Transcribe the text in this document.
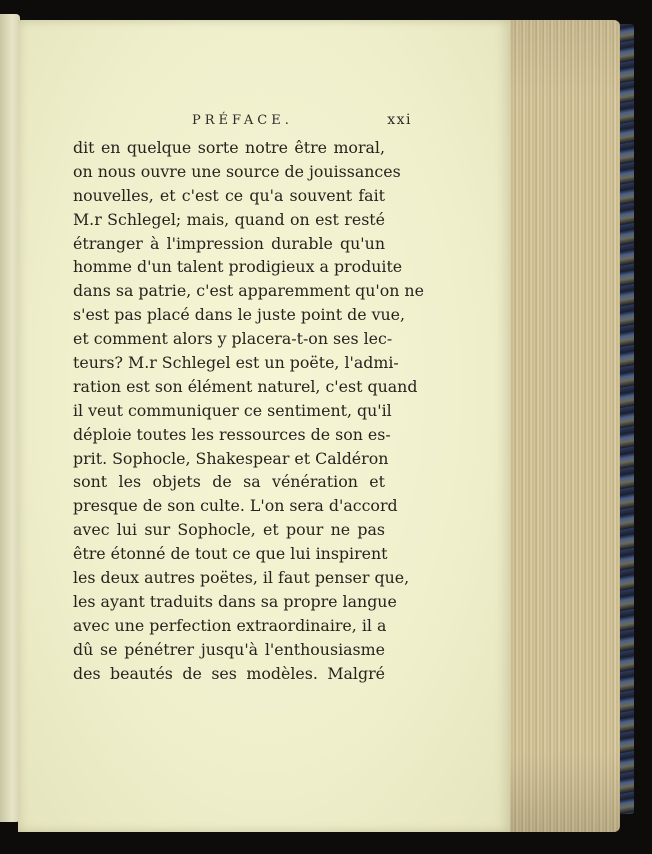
PRÉFACE.	xxi
dit en quelque sorte notre être moral,
on nous ouvre une source de jouissances
nouvelles, et c'est ce qu'a souvent fait
M.r Schlegel; mais, quand on est resté
étranger à l'impression durable qu'un
homme d'un talent prodigieux a produite
dans sa patrie, c'est apparemment qu'on ne
s'est pas placé dans le juste point de vue,
et comment alors y placera-t-on ses lec-
teurs? M.r Schlegel est un poëte, l'admi-
ration est son élément naturel, c'est quand
il veut communiquer ce sentiment, qu'il
déploie toutes les ressources de son es-
prit. Sophocle, Shakespear et Caldéron
sont les objets de sa vénération et
presque de son culte. L'on sera d'accord
avec lui sur Sophocle, et pour ne pas
être étonné de tout ce que lui inspirent
les deux autres poëtes, il faut penser que,
les ayant traduits dans sa propre langue
avec une perfection extraordinaire, il a
dû se pénétrer jusqu'à l'enthousiasme
des beautés de ses modèles. Malgré
